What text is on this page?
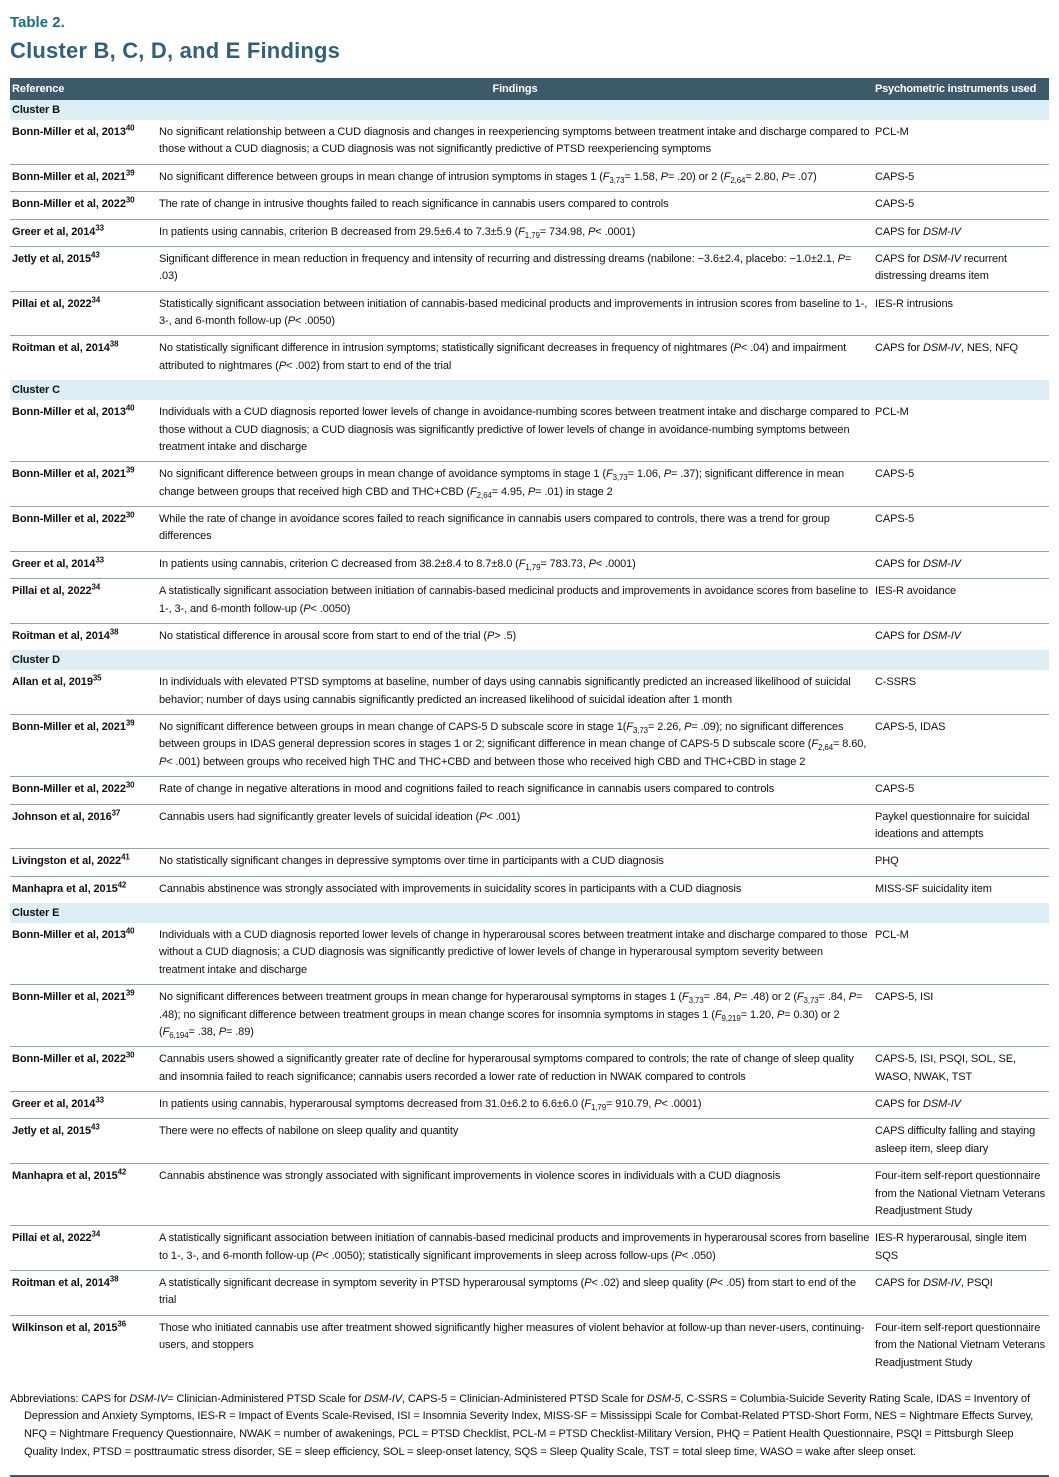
Table 2.
Cluster B, C, D, and E Findings
Reference	Findings	Psychometric instruments used
Cluster B		
Bonn-Miller et al, 2013$^{40}$	No significant relationship between a CUD diagnosis and changes in reexperiencing symptoms between treatment intake and discharge compared to those without a CUD diagnosis; a CUD diagnosis was not significantly predictive of PTSD reexperiencing symptoms	PCL-M
Bonn-Miller et al, 2021$^{39}$	No significant difference between groups in mean change of intrusion symptoms in stages 1 ($F_{3,73}= 1.58$, P= .20) or 2 ($F_{2,64}= 2.80$, P= .07)	CAPS-5
Bonn-Miller et al, 2022$^{30}$	The rate of change in intrusive thoughts failed to reach significance in cannabis users compared to controls	CAPS-5
Greer et al, 2014$^{33}$	In patients using cannabis, criterion B decreased from 29.5±6.4 to 7.3±5.9 ($F_{1,79}= 734.98$, P< .0001)	CAPS for DSM-IV
Jetly et al, 2015$^{43}$	Significant difference in mean reduction in frequency and intensity of recurring and distressing dreams (nabilone: −3.6±2.4, placebo: −1.0±2.1, P= .03)	CAPS for DSM-IV recurrent distressing dreams item
Pillai et al, 2022$^{34}$	Statistically significant association between initiation of cannabis-based medicinal products and improvements in intrusion scores from baseline to 1-, 3-, and 6-month follow-up (P< .0050)	IES-R intrusions
Roitman et al, 2014$^{38}$	No statistically significant difference in intrusion symptoms; statistically significant decreases in frequency of nightmares (P< .04) and impairment attributed to nightmares (P< .002) from start to end of the trial	CAPS for DSM-IV, NES, NFQ
Cluster C		
Bonn-Miller et al, 2013$^{40}$	Individuals with a CUD diagnosis reported lower levels of change in avoidance-numbing scores between treatment intake and discharge compared to those without a CUD diagnosis; a CUD diagnosis was significantly predictive of lower levels of change in avoidance-numbing symptoms between treatment intake and discharge	PCL-M
Bonn-Miller et al, 2021$^{39}$	No significant difference between groups in mean change of avoidance symptoms in stage 1 ($F_{3,73}= 1.06$, P= .37); significant difference in mean change between groups that received high CBD and THC+CBD ($F_{2,64}= 4.95$, P= .01) in stage 2	CAPS-5
Bonn-Miller et al, 2022$^{30}$	While the rate of change in avoidance scores failed to reach significance in cannabis users compared to controls, there was a trend for group differences	CAPS-5
Greer et al, 2014$^{33}$	In patients using cannabis, criterion C decreased from 38.2±8.4 to 8.7±8.0 ($F_{1,79}= 783.73$, P< .0001)	CAPS for DSM-IV
Pillai et al, 2022$^{34}$	A statistically significant association between initiation of cannabis-based medicinal products and improvements in avoidance scores from baseline to 1-, 3-, and 6-month follow-up (P< .0050)	IES-R avoidance
Roitman et al, 2014$^{38}$	No statistical difference in arousal score from start to end of the trial (P> .5)	CAPS for DSM-IV
Cluster D		
Allan et al, 2019$^{35}$	In individuals with elevated PTSD symptoms at baseline, number of days using cannabis significantly predicted an increased likelihood of suicidal behavior; number of days using cannabis significantly predicted an increased likelihood of suicidal ideation after 1 month	C-SSRS
Bonn-Miller et al, 2021$^{39}$	No significant difference between groups in mean change of CAPS-5 D subscale score in stage $1(F_{3,73}= 2.26$, P= .09); no significant differences between groups in IDAS general depression scores in stages 1 or 2; significant difference in mean change of CAPS-5 D subscale score ($F_{2,64}= 8.60$, P< .001) between groups who received high THC and THC+CBD and between those who received high CBD and THC+CBD in stage 2	CAPS-5, IDAS
Bonn-Miller et al, 2022$^{30}$	Rate of change in negative alterations in mood and cognitions failed to reach significance in cannabis users compared to controls	CAPS-5
Johnson et al, 2016$^{37}$	Cannabis users had significantly greater levels of suicidal ideation (P< .001)	Paykel questionnaire for suicidal ideations and attempts
Livingston et al, 2022$^{41}$	No statistically significant changes in depressive symptoms over time in participants with a CUD diagnosis	PHQ
Manhapra et al, 2015$^{42}$	Cannabis abstinence was strongly associated with improvements in suicidality scores in participants with a CUD diagnosis	MISS-SF suicidality item
Cluster E		
Bonn-Miller et al, 2013$^{40}$	Individuals with a CUD diagnosis reported lower levels of change in hyperarousal scores between treatment intake and discharge compared to those without a CUD diagnosis; a CUD diagnosis was significantly predictive of lower levels of change in hyperarousal symptom severity between treatment intake and discharge	PCL-M
Bonn-Miller et al, 2021$^{39}$	No significant differences between treatment groups in mean change for hyperarousal symptoms in stages 1 ($F_{3,73}= .84$, P= .48) or 2 ($F_{3,73}= .84$, P= .48); no significant difference between treatment groups in mean change scores for insomnia symptoms in stages 1 ($F_{9,219}= 1.20$, P= 0.30) or 2 ($F_{6,194}= .38$, P= .89)	CAPS-5, ISI
Bonn-Miller et al, 2022$^{30}$	Cannabis users showed a significantly greater rate of decline for hyperarousal symptoms compared to controls; the rate of change of sleep quality and insomnia failed to reach significance; cannabis users recorded a lower rate of reduction in NWAK compared to controls	CAPS-5, ISI, PSQI, SOL, SE, WASO, NWAK, TST
Greer et al, 2014$^{33}$	In patients using cannabis, hyperarousal symptoms decreased from 31.0±6.2 to 6.6±6.0 ($F_{1,79}= 910.79$, P< .0001)	CAPS for DSM-IV
Jetly et al, 2015$^{43}$	There were no effects of nabilone on sleep quality and quantity	CAPS difficulty falling and staying asleep item, sleep diary
Manhapra et al, 2015$^{42}$	Cannabis abstinence was strongly associated with significant improvements in violence scores in individuals with a CUD diagnosis	Four-item self-report questionnaire from the National Vietnam Veterans Readjustment Study
Pillai et al, 2022$^{34}$	A statistically significant association between initiation of cannabis-based medicinal products and improvements in hyperarousal scores from baseline to 1-, 3-, and 6-month follow-up (P< .0050); statistically significant improvements in sleep across follow-ups (P< .050)	IES-R hyperarousal, single item SQS
Roitman et al, 2014$^{38}$	A statistically significant decrease in symptom severity in PTSD hyperarousal symptoms (P< .02) and sleep quality (P< .05) from start to end of the trial	CAPS for DSM-IV, PSQI
Wilkinson et al, 2015$^{36}$	Those who initiated cannabis use after treatment showed significantly higher measures of violent behavior at follow-up than never-users, continuing-users, and stoppers	Four-item self-report questionnaire from the National Vietnam Veterans Readjustment Study

Abbreviations: CAPS for DSM-IV= Clinician-Administered PTSD Scale for DSM-IV, CAPS-5 = Clinician-Administered PTSD Scale for DSM-5, C-SSRS = Columbia-Suicide Severity Rating Scale, IDAS = Inventory of Depression and Anxiety Symptoms, IES-R = Impact of Events Scale-Revised, ISI = Insomnia Severity Index, MISS-SF = Mississippi Scale for Combat-Related PTSD-Short Form, NES = Nightmare Effects Survey, NFQ = Nightmare Frequency Questionnaire, NWAK = number of awakenings, PCL = PTSD Checklist, PCL-M = PTSD Checklist-Military Version, PHQ = Patient Health Questionnaire, PSQI = Pittsburgh Sleep Quality Index, PTSD = posttraumatic stress disorder, SE = sleep efficiency, SOL = sleep-onset latency, SQS = Sleep Quality Scale, TST = total sleep time, WASO = wake after sleep onset.
